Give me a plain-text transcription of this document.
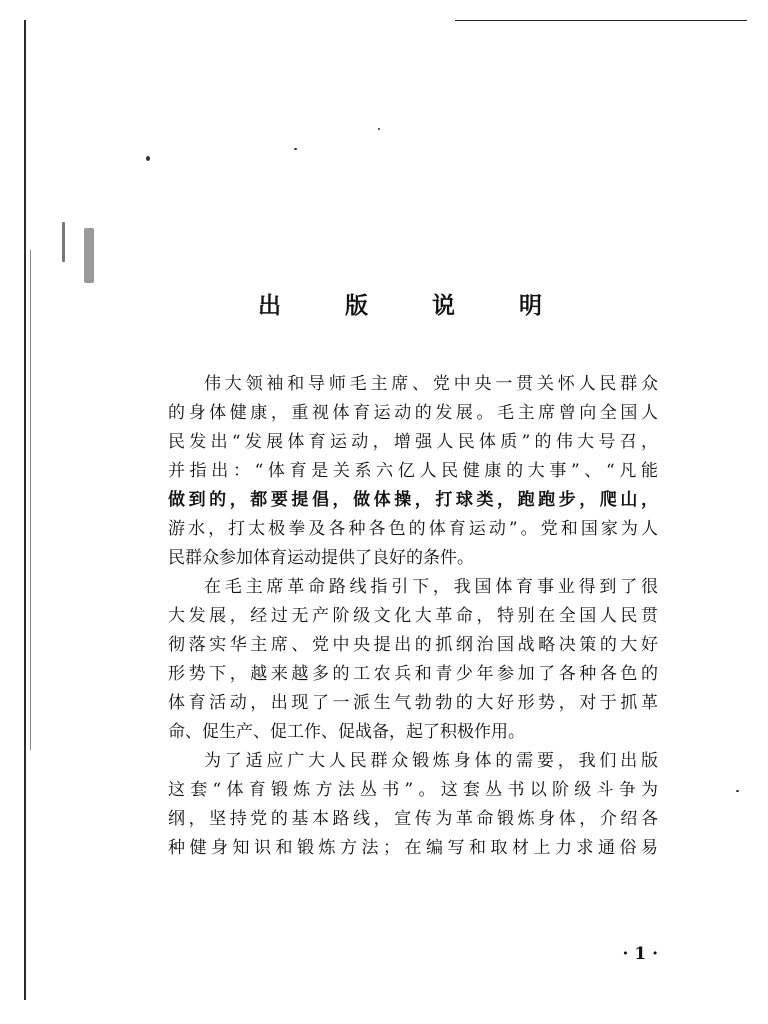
出 版 说 明
伟大领袖和导师毛主席、党中央一贯关怀人民群众
的身体健康，重视体育运动的发展。毛主席曾向全国人
民发出“发展体育运动，增强人民体质”的伟大号召，
并指出：“体育是关系六亿人民健康的大事”、“凡能
做到的，都要提倡，做体操，打球类，跑跑步，爬山，
游水，打太极拳及各种各色的体育运动”。党和国家为人
民群众参加体育运动提供了良好的条件。
在毛主席革命路线指引下，我国体育事业得到了很
大发展，经过无产阶级文化大革命，特别在全国人民贯
彻落实华主席、党中央提出的抓纲治国战略决策的大好
形势下，越来越多的工农兵和青少年参加了各种各色的
体育活动，出现了一派生气勃勃的大好形势，对于抓革
命、促生产、促工作、促战备，起了积极作用。
为了适应广大人民群众锻炼身体的需要，我们出版
这套“体育锻炼方法丛书”。这套丛书以阶级斗争为
纲，坚持党的基本路线，宣传为革命锻炼身体，介绍各
种健身知识和锻炼方法；在编写和取材上力求通俗易
· 1 ·
